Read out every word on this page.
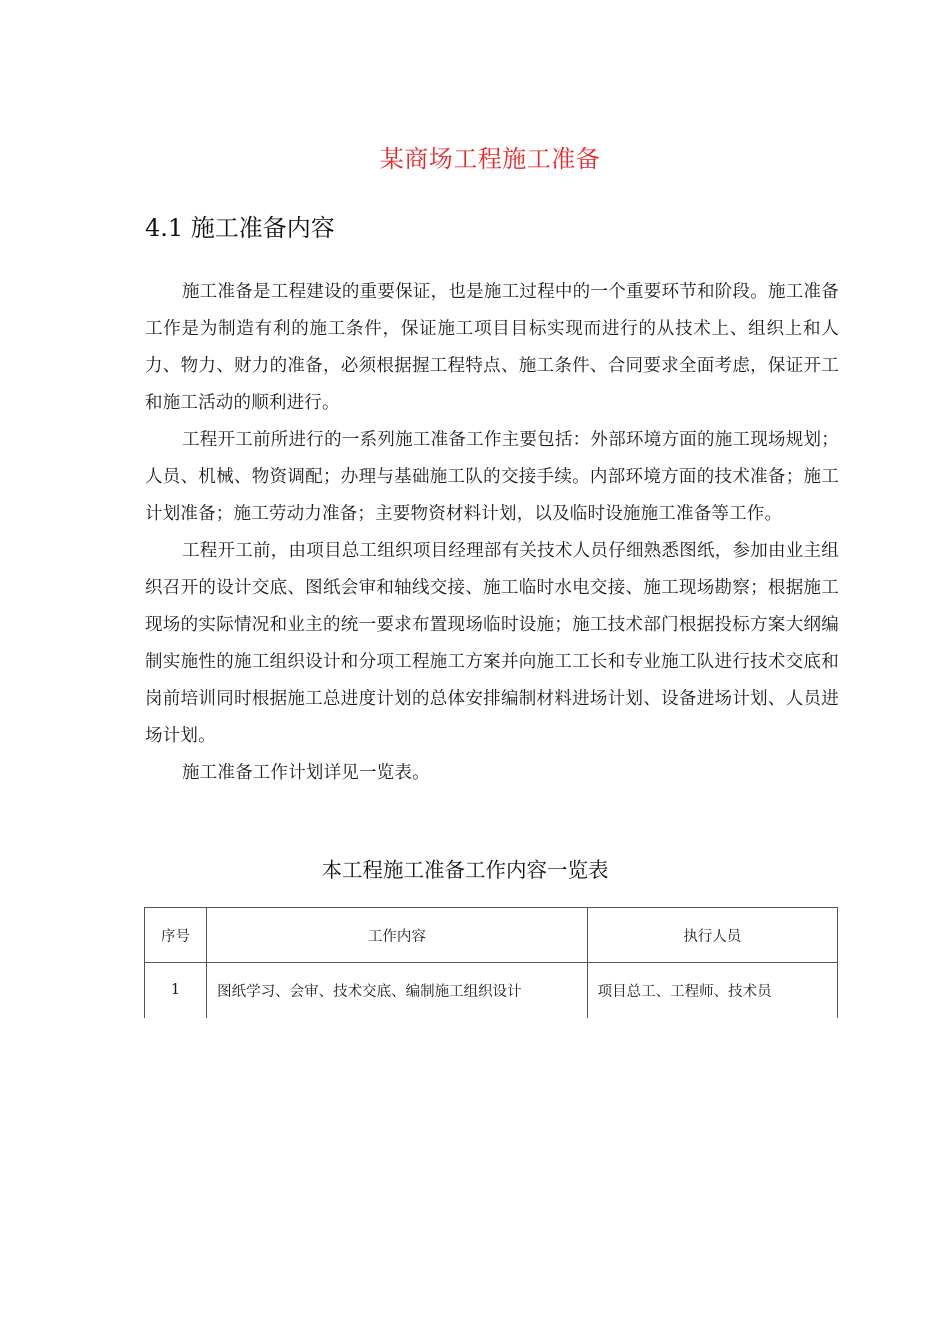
某商场工程施工准备
4.1 施工准备内容

施工准备是工程建设的重要保证，也是施工过程中的一个重要环节和阶段。施工准备工作是为制造有利的施工条件，保证施工项目目标实现而进行的从技术上、组织上和人力、物力、财力的准备，必须根据握工程特点、施工条件、合同要求全面考虑，保证开工和施工活动的顺利进行。

工程开工前所进行的一系列施工准备工作主要包括：外部环境方面的施工现场规划；人员、机械、物资调配；办理与基础施工队的交接手续。内部环境方面的技术准备；施工计划准备；施工劳动力准备；主要物资材料计划，以及临时设施施工准备等工作。

工程开工前，由项目总工组织项目经理部有关技术人员仔细熟悉图纸，参加由业主组织召开的设计交底、图纸会审和轴线交接、施工临时水电交接、施工现场勘察；根据施工现场的实际情况和业主的统一要求布置现场临时设施；施工技术部门根据投标方案大纲编制实施性的施工组织设计和分项工程施工方案并向施工工长和专业施工队进行技术交底和岗前培训同时根据施工总进度计划的总体安排编制材料进场计划、设备进场计划、人员进场计划。

施工准备工作计划详见一览表。

本工程施工准备工作内容一览表
序号	工作内容	执行人员
1	图纸学习、会审、技术交底、编制施工组织设计	项目总工、工程师、技术员
